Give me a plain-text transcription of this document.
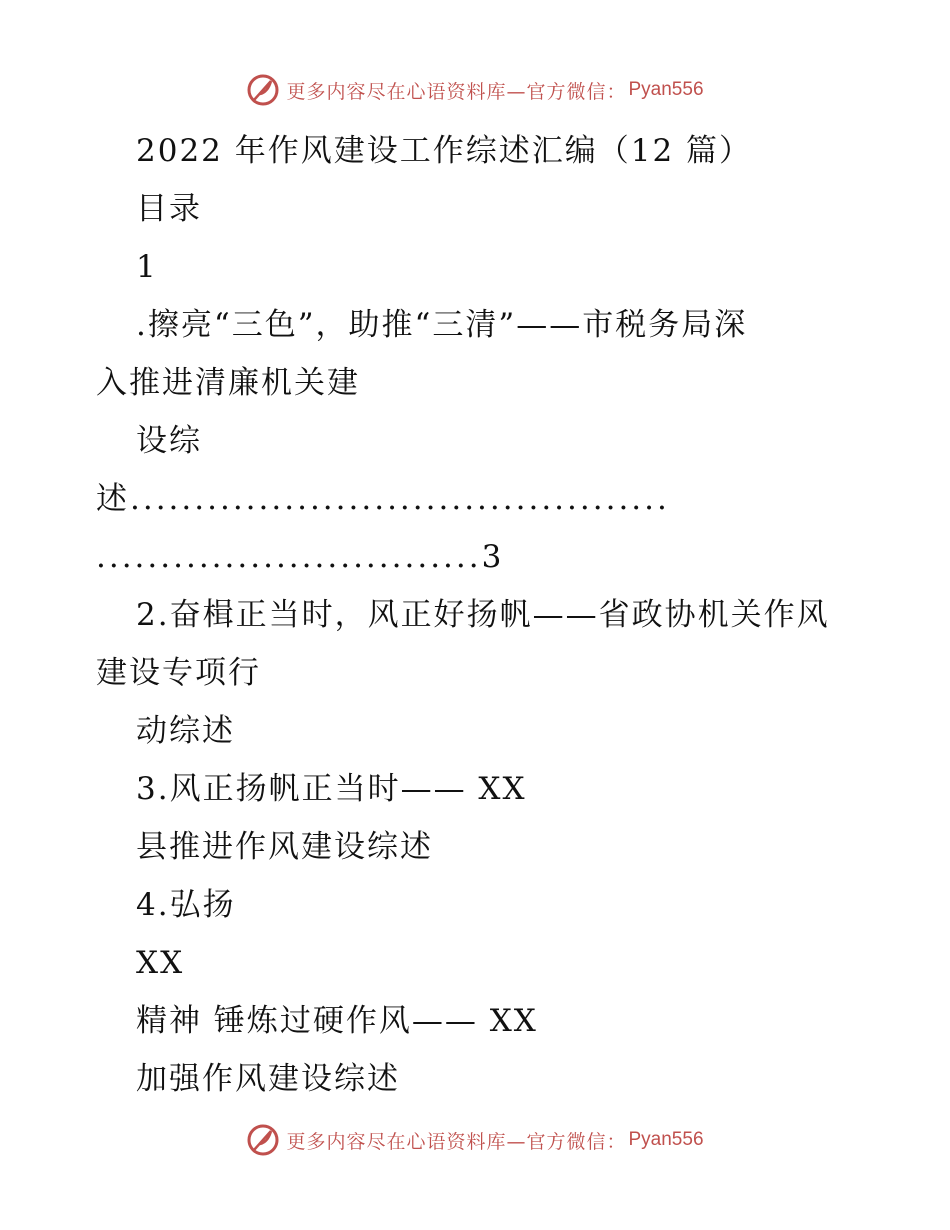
更多内容尽在心语资料库—官方微信： Pyan556

2022 年作风建设工作综述汇编（12 篇）

目录

1

.擦亮“三色”，助推“三清”——市税务局深

入推进清廉机关建

设综

述..........................................

..............................3

2.奋楫正当时，风正好扬帆——省政协机关作风

建设专项行

动综述

3.风正扬帆正当时—— XX

县推进作风建设综述

4.弘扬

XX

精神 锤炼过硬作风—— XX

加强作风建设综述

更多内容尽在心语资料库—官方微信： Pyan556
